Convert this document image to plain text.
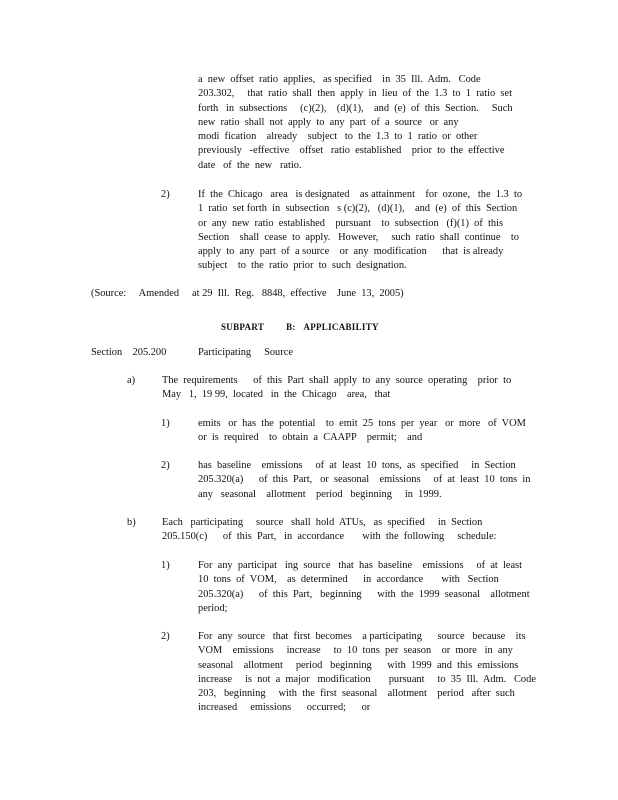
a  new  offset  ratio  applies,   as specified    in  35  Ill.  Adm.   Code

203.302,     that  ratio  shall  then  apply  in  lieu  of  the  1.3  to  1  ratio  set

forth   in  subsections     (c)(2),    (d)(1),    and  (e)  of  this  Section.     Such

new  ratio  shall  not  apply  to  any  part  of  a  source   or  any

modi  fication    already    subject   to  the  1.3  to  1  ratio  or  other

previously   -effective    offset   ratio  established    prior  to  the  effective

date   of  the  new   ratio.

2)	If  the  Chicago   area   is designated    as attainment    for  ozone,   the  1.3  to

1  ratio  set forth  in  subsection   s (c)(2),   (d)(1),    and  (e)  of  this  Section

or  any  new  ratio  established    pursuant    to  subsection   (f)(1)  of  this

Section    shall  cease  to  apply.   However,     such  ratio  shall  continue    to

apply  to  any  part  of  a source    or  any  modification      that  is already

subject    to  the  ratio  prior  to  such  designation.

(Source:     Amended     at 29  Ill.  Reg.   8848,  effective    June  13,  2005)

SUBPART B: APPLICABILITY
Section    205.200	Participating     Source
a)	The  requirements      of  this  Part  shall  apply  to  any  source  operating    prior  to

May   1,  19 99,  located   in  the  Chicago    area,   that

1)	emits   or  has  the  potential    to  emit  25  tons  per  year   or  more   of  VOM

or  is  required    to  obtain  a  CAAPP    permit;    and

2)	has  baseline    emissions     of  at  least  10  tons,  as  specified     in  Section

205.320(a)      of  this  Part,   or  seasonal    emissions     of  at  least  10  tons  in

any   seasonal    allotment    period   beginning     in  1999.

b)	Each   participating     source   shall  hold  ATUs,   as  specified     in  Section

205.150(c)      of  this  Part,   in  accordance       with  the  following     schedule:

1)	For  any  participat   ing  source   that  has  baseline    emissions     of  at  least

10  tons  of  VOM,    as  determined      in  accordance       with   Section

205.320(a)      of  this  Part,   beginning      with  the  1999  seasonal    allotment

period;

2)	For  any  source   that  first  becomes    a participating      source   because    its

VOM    emissions     increase     to  10  tons  per  season    or  more   in  any

seasonal    allotment     period   beginning      with  1999  and  this  emissions

increase     is  not  a  major   modification       pursuant     to  35  Ill.  Adm.   Code

203,   beginning     with  the  first  seasonal    allotment    period   after  such

increased     emissions      occurred;      or
